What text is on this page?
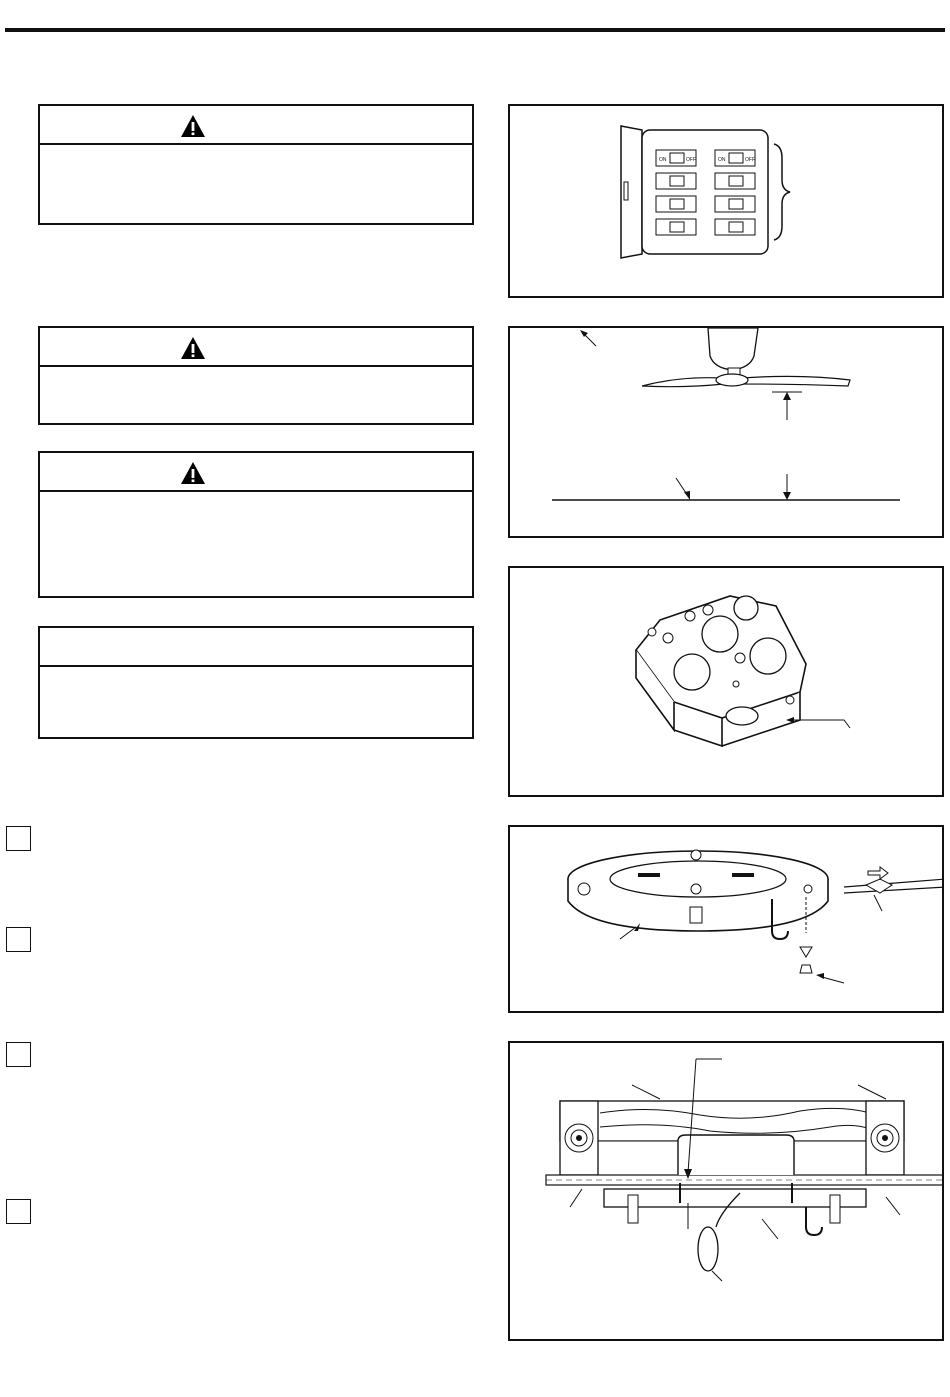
ON	OFF	ON	OFF
